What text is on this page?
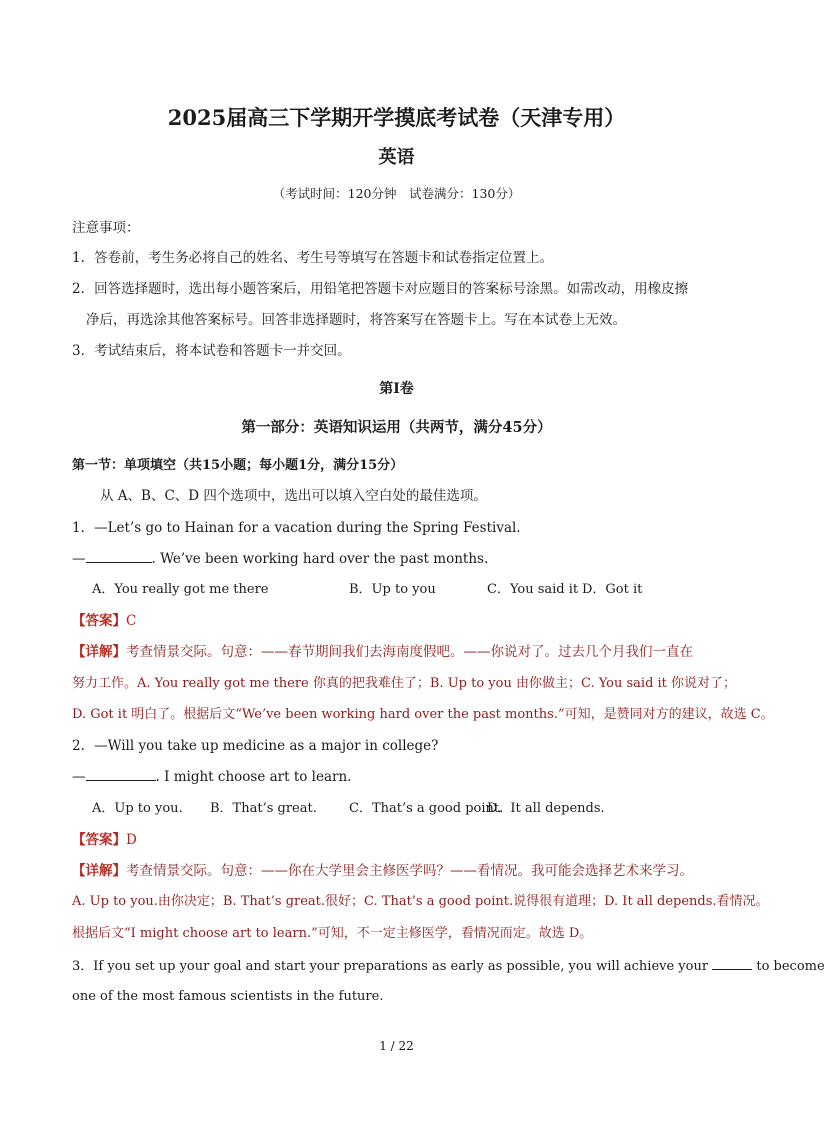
2025届高三下学期开学摸底考试卷（天津专用）
英语
（考试时间：120分钟　试卷满分：130分）
注意事项：
1．答卷前，考生务必将自己的姓名、考生号等填写在答题卡和试卷指定位置上。
2．回答选择题时，选出每小题答案后，用铅笔把答题卡对应题目的答案标号涂黑。如需改动，用橡皮擦
净后，再选涂其他答案标号。回答非选择题时，将答案写在答题卡上。写在本试卷上无效。
3．考试结束后，将本试卷和答题卡一并交回。
第Ⅰ卷
第一部分：英语知识运用（共两节，满分45分）
第一节：单项填空（共15小题；每小题1分，满分15分）
从 A、B、C、D 四个选项中，选出可以填入空白处的最佳选项。
1．—Let’s go to Hainan for a vacation during the Spring Festival.
—	. We’ve been working hard over the past months.
A．You really got me there	B．Up to you	C．You said it D．Got it
【答案】C
【详解】考查情景交际。句意：——春节期间我们去海南度假吧。——你说对了。过去几个月我们一直在
努力工作。A. You really got me there 你真的把我难住了；B. Up to you 由你做主；C. You said it 你说对了；
D. Got it 明白了。根据后文“We’ve been working hard over the past months.”可知，是赞同对方的建议，故选 C。
2．—Will you take up medicine as a major in college?
—	. I might choose art to learn.
A．Up to you. B．That’s great. C．That’s a good point.
D．It all depends.
【答案】D
【详解】考查情景交际。句意：——你在大学里会主修医学吗？——看情况。我可能会选择艺术来学习。
A. Up to you.由你决定；B. That’s great.很好；C. That’s a good point.说得很有道理；D. It all depends.看情况。
根据后文“I might choose art to learn.”可知，不一定主修医学，看情况而定。故选 D。
3．If you set up your goal and start your preparations as early as possible, you will achieve your	to become
one of the most famous scientists in the future.
1 / 22
